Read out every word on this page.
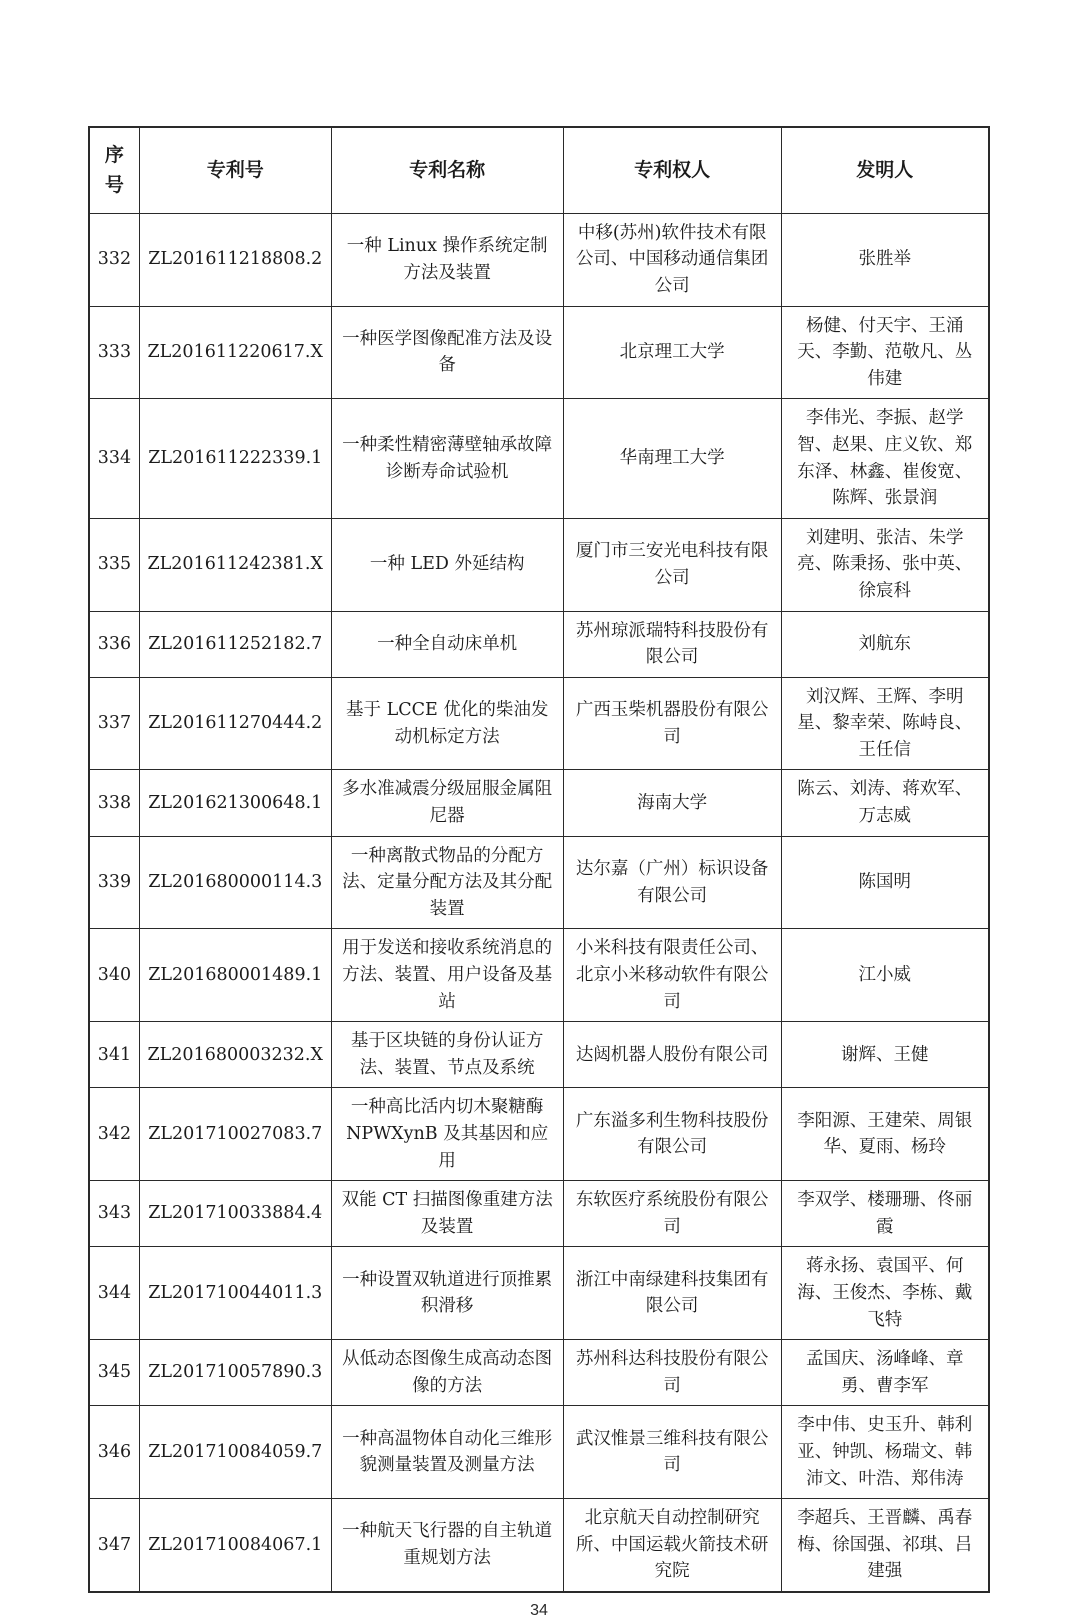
序号	专利号	专利名称	专利权人	发明人
332	ZL201611218808.2	一种 Linux 操作系统定制方法及装置	中移(苏州)软件技术有限公司、中国移动通信集团公司	张胜举
333	ZL201611220617.X	一种医学图像配准方法及设备	北京理工大学	杨健、付天宇、王涌天、李勤、范敬凡、丛伟建
334	ZL201611222339.1	一种柔性精密薄壁轴承故障诊断寿命试验机	华南理工大学	李伟光、李振、赵学智、赵果、庄义钦、郑东泽、林鑫、崔俊宽、陈辉、张景润
335	ZL201611242381.X	一种 LED 外延结构	厦门市三安光电科技有限公司	刘建明、张洁、朱学亮、陈秉扬、张中英、徐宸科
336	ZL201611252182.7	一种全自动床单机	苏州琼派瑞特科技股份有限公司	刘航东
337	ZL201611270444.2	基于 LCCE 优化的柴油发动机标定方法	广西玉柴机器股份有限公司	刘汉辉、王辉、李明星、黎幸荣、陈峙良、王任信
338	ZL201621300648.1	多水准减震分级屈服金属阻尼器	海南大学	陈云、刘涛、蒋欢军、万志威
339	ZL201680000114.3	一种离散式物品的分配方法、定量分配方法及其分配装置	达尔嘉（广州）标识设备有限公司	陈国明
340	ZL201680001489.1	用于发送和接收系统消息的方法、装置、用户设备及基站	小米科技有限责任公司、北京小米移动软件有限公司	江小威
341	ZL201680003232.X	基于区块链的身份认证方法、装置、节点及系统	达闼机器人股份有限公司	谢辉、王健
342	ZL201710027083.7	一种高比活内切木聚糖酶 NPWXynB 及其基因和应用	广东溢多利生物科技股份有限公司	李阳源、王建荣、周银华、夏雨、杨玲
343	ZL201710033884.4	双能 CT 扫描图像重建方法及装置	东软医疗系统股份有限公司	李双学、楼珊珊、佟丽霞
344	ZL201710044011.3	一种设置双轨道进行顶推累积滑移	浙江中南绿建科技集团有限公司	蒋永扬、袁国平、何海、王俊杰、李栋、戴飞特
345	ZL201710057890.3	从低动态图像生成高动态图像的方法	苏州科达科技股份有限公司	孟国庆、汤峰峰、章勇、曹李军
346	ZL201710084059.7	一种高温物体自动化三维形貌测量装置及测量方法	武汉惟景三维科技有限公司	李中伟、史玉升、韩利亚、钟凯、杨瑞文、韩沛文、叶浩、郑伟涛
347	ZL201710084067.1	一种航天飞行器的自主轨道重规划方法	北京航天自动控制研究所、中国运载火箭技术研究院	李超兵、王晋麟、禹春梅、徐国强、祁琪、吕建强
34
